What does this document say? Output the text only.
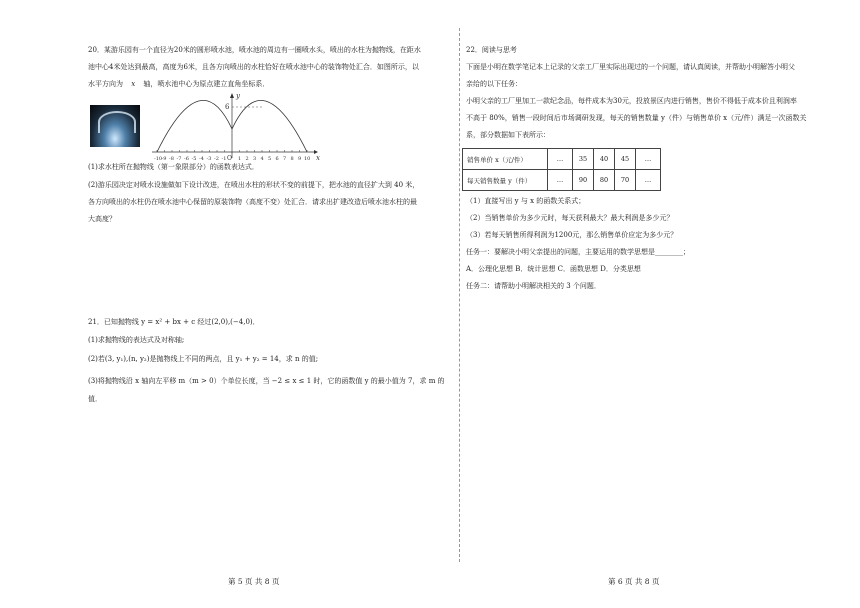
20．某游乐园有一个直径为20米的圆形喷水池，喷水池的周边有一圈喷水头，喷出的水柱为抛物线，在距水

池中心4米处达到最高，高度为6米，且各方向喷出的水柱恰好在喷水池中心的装饰物处汇合．如图所示，以

水平方向为 x 轴，喷水池中心为原点建立直角坐标系．

y
x
6
O
-10 -9 -8 -7 -6 -5 -4 -3 -2 -1 1 2 3 4 5 6 7 8 9 10

(1)求水柱所在抛物线（第一象限部分）的函数表达式．

(2)游乐园决定对喷水设施做如下设计改进，在喷出水柱的形状不变的前提下，把水池的直径扩大到 40 米，

各方向喷出的水柱仍在喷水池中心保留的原装饰物（高度不变）处汇合．请求出扩建改造后喷水池水柱的最

大高度？

21．已知抛物线 y = x² + bx + c 经过(2,0),(−4,0)．

(1)求抛物线的表达式及对称轴;

(2)若(3, y₁),(n, y₂)是抛物线上不同的两点，且 y₁ + y₂ = 14，求 n 的值;

(3)将抛物线沿 x 轴向左平移 m（m > 0）个单位长度，当 −2 ≤ x ≤ 1 时，它的函数值 y 的最小值为 7，求 m 的

值．

22．阅读与思考

下面是小明在数学笔记本上记录的父亲工厂里实际出现过的一个问题，请认真阅读，并帮助小明解答小明父

亲给的以下任务：

小明父亲的工厂里加工一款纪念品，每件成本为30元，投放景区内进行销售，售价不得低于成本价且利润率

不高于 80%，销售一段时间后市场调研发现，每天的销售数量 y（件）与销售单价 x（元/件）满足一次函数关

系，部分数据如下表所示：

销售单价 x（元/件）	…	35	40	45	…
每天销售数量 y（件）	…	90	80	70	…

（1）直接写出 y 与 x 的函数关系式；

（2）当销售单价为多少元时，每天获利最大？最大利润是多少元？

（3）若每天销售所得利润为1200元，那么销售单价应定为多少元？

任务一：要解决小明父亲提出的问题，主要运用的数学思想是________；

A．公理化思想 B．统计思想 C．函数思想 D．分类思想

任务二：请帮助小明解决相关的 3 个问题．

第 5 页 共 8 页	第 6 页 共 8 页
